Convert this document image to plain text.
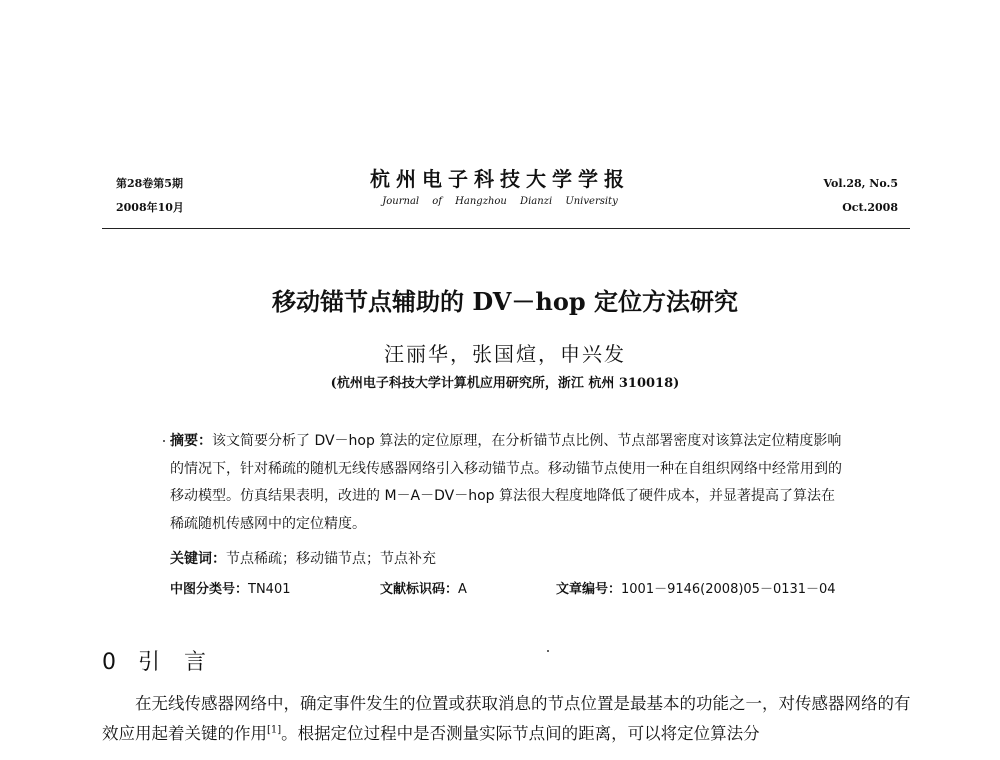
第28卷第5期
2008年10月
杭州电子科技大学学报
Journal of Hangzhou Dianzi University
Vol.28, No.5
Oct.2008
移动锚节点辅助的 DV－hop 定位方法研究
汪丽华，张国煊，申兴发
(杭州电子科技大学计算机应用研究所，浙江 杭州 310018)
摘要：该文简要分析了 DV－hop 算法的定位原理，在分析锚节点比例、节点部署密度对该算法定位精度影响的情况下，针对稀疏的随机无线传感器网络引入移动锚节点。移动锚节点使用一种在自组织网络中经常用到的移动模型。仿真结果表明，改进的 M－A－DV－hop 算法很大程度地降低了硬件成本，并显著提高了算法在稀疏随机传感网中的定位精度。
关键词：节点稀疏；移动锚节点；节点补充
中图分类号：TN401	文献标识码：A	文章编号：1001－9146(2008)05－0131－04
0 引言
在无线传感器网络中，确定事件发生的位置或获取消息的节点位置是最基本的功能之一，对传感器网络的有效应用起着关键的作用[1]。根据定位过程中是否测量实际节点间的距离，可以将定位算法分
